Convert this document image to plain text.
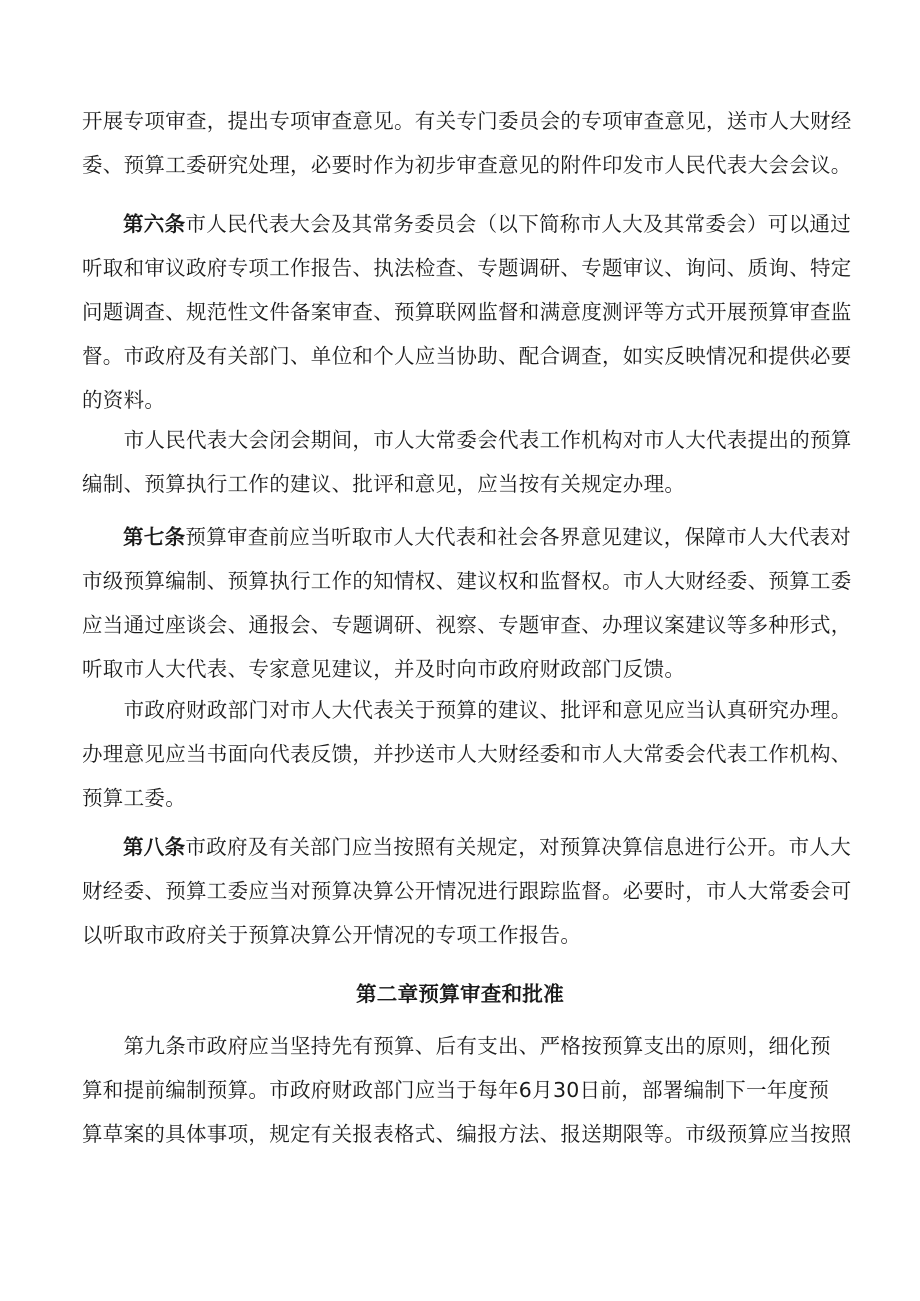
开展专项审查，提出专项审查意见。有关专门委员会的专项审查意见，送市人大财经
委、预算工委研究处理，必要时作为初步审查意见的附件印发市人民代表大会会议。

第六条市人民代表大会及其常务委员会（以下简称市人大及其常委会）可以通过
听取和审议政府专项工作报告、执法检查、专题调研、专题审议、询问、质询、特定
问题调查、规范性文件备案审查、预算联网监督和满意度测评等方式开展预算审查监
督。市政府及有关部门、单位和个人应当协助、配合调查，如实反映情况和提供必要
的资料。

　　市人民代表大会闭会期间，市人大常委会代表工作机构对市人大代表提出的预算
编制、预算执行工作的建议、批评和意见，应当按有关规定办理。

第七条预算审查前应当听取市人大代表和社会各界意见建议，保障市人大代表对
市级预算编制、预算执行工作的知情权、建议权和监督权。市人大财经委、预算工委
应当通过座谈会、通报会、专题调研、视察、专题审查、办理议案建议等多种形式，
听取市人大代表、专家意见建议，并及时向市政府财政部门反馈。

　　市政府财政部门对市人大代表关于预算的建议、批评和意见应当认真研究办理。
办理意见应当书面向代表反馈，并抄送市人大财经委和市人大常委会代表工作机构、
预算工委。

第八条市政府及有关部门应当按照有关规定，对预算决算信息进行公开。市人大
财经委、预算工委应当对预算决算公开情况进行跟踪监督。必要时，市人大常委会可
以听取市政府关于预算决算公开情况的专项工作报告。

第二章预算审查和批准

　　第九条市政府应当坚持先有预算、后有支出、严格按预算支出的原则，细化预
算和提前编制预算。市政府财政部门应当于每年6月30日前，部署编制下一年度预
算草案的具体事项，规定有关报表格式、编报方法、报送期限等。市级预算应当按照
